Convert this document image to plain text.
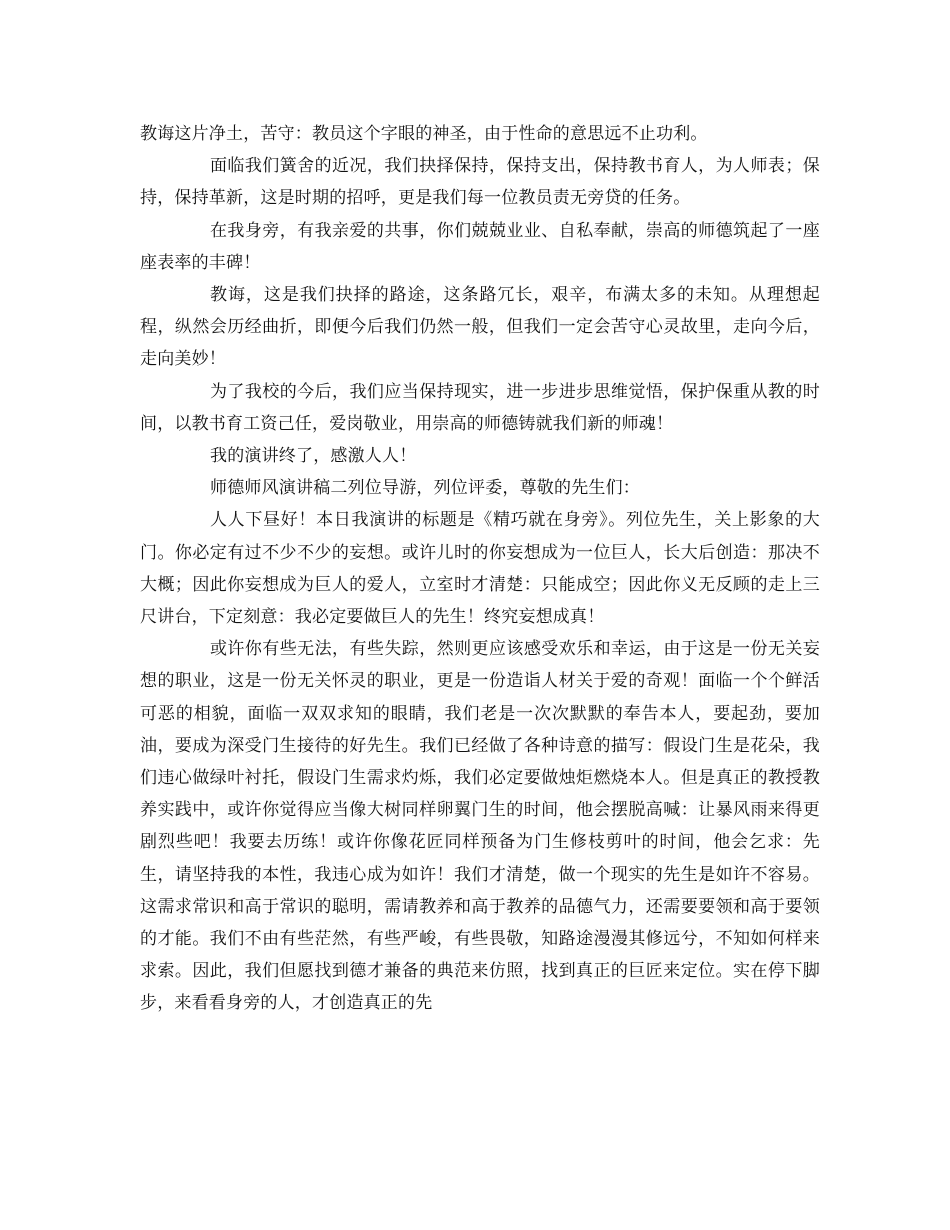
教诲这片净土，苦守：教员这个字眼的神圣，由于性命的意思远不止功利。

面临我们簧舍的近况，我们抉择保持，保持支出，保持教书育人，为人师表；保持，保持革新，这是时期的招呼，更是我们每一位教员责无旁贷的任务。

在我身旁，有我亲爱的共事，你们兢兢业业、自私奉献，崇高的师德筑起了一座座表率的丰碑！

教诲，这是我们抉择的路途，这条路冗长，艰辛，布满太多的未知。从理想起程，纵然会历经曲折，即便今后我们仍然一般，但我们一定会苦守心灵故里，走向今后，走向美妙！

为了我校的今后，我们应当保持现实，进一步进步思维觉悟，保护保重从教的时间，以教书育工资己任，爱岗敬业，用崇高的师德铸就我们新的师魂！

我的演讲终了，感激人人！

师德师风演讲稿二列位导游，列位评委，尊敬的先生们：

人人下昼好！本日我演讲的标题是《精巧就在身旁》。列位先生，关上影象的大门。你必定有过不少不少的妄想。或许儿时的你妄想成为一位巨人，长大后创造：那决不大概；因此你妄想成为巨人的爱人，立室时才清楚：只能成空；因此你义无反顾的走上三尺讲台，下定刻意：我必定要做巨人的先生！终究妄想成真！

或许你有些无法，有些失踪，然则更应该感受欢乐和幸运，由于这是一份无关妄想的职业，这是一份无关怀灵的职业，更是一份造诣人材关于爱的奇观！面临一个个鲜活可恶的相貌，面临一双双求知的眼睛，我们老是一次次默默的奉告本人，要起劲，要加油，要成为深受门生接待的好先生。我们已经做了各种诗意的描写：假设门生是花朵，我们违心做绿叶衬托，假设门生需求灼烁，我们必定要做烛炬燃烧本人。但是真正的教授教养实践中，或许你觉得应当像大树同样卵翼门生的时间，他会摆脱高喊：让暴风雨来得更剧烈些吧！我要去历练！或许你像花匠同样预备为门生修枝剪叶的时间，他会乞求：先生，请坚持我的本性，我违心成为如许！我们才清楚，做一个现实的先生是如许不容易。这需求常识和高于常识的聪明，需请教养和高于教养的品德气力，还需要要领和高于要领的才能。我们不由有些茫然，有些严峻，有些畏敬，知路途漫漫其修远兮，不知如何样来求索。因此，我们但愿找到德才兼备的典范来仿照，找到真正的巨匠来定位。实在停下脚步，来看看身旁的人，才创造真正的先
